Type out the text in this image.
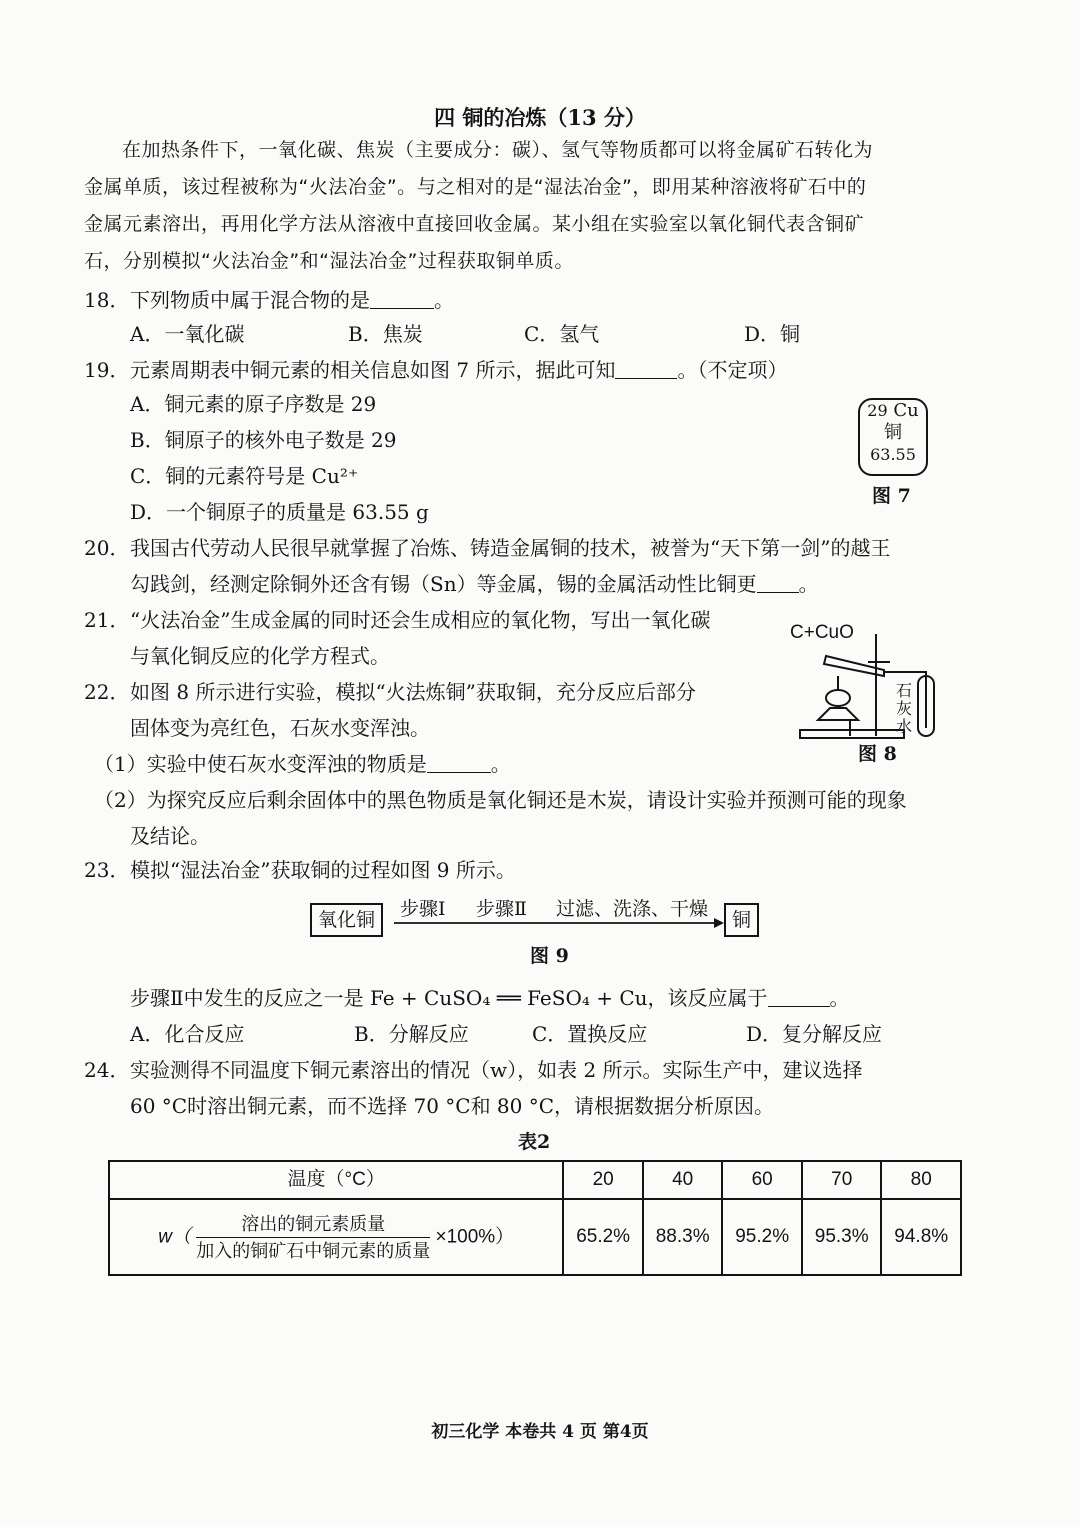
四 铜的冶炼（13 分）

在加热条件下，一氧化碳、焦炭（主要成分：碳）、氢气等物质都可以将金属矿石转化为

金属单质，该过程被称为“火法冶金”。与之相对的是“湿法冶金”，即用某种溶液将矿石中的

金属元素溶出，再用化学方法从溶液中直接回收金属。某小组在实验室以氧化铜代表含铜矿

石，分别模拟“火法冶金”和“湿法冶金”过程获取铜单质。

18．下列物质中属于混合物的是	。
A．一氧化碳	B．焦炭	C．氢气	D．铜
19．元素周期表中铜元素的相关信息如图 7 所示，据此可知	。（不定项）
A．铜元素的原子序数是 29
B．铜原子的核外电子数是 29
C．铜的元素符号是 Cu²⁺
D．一个铜原子的质量是 63.55 g
29 Cu
铜
63.55
图 7
20．我国古代劳动人民很早就掌握了冶炼、铸造金属铜的技术，被誉为“天下第一剑”的越王
勾践剑，经测定除铜外还含有锡（Sn）等金属，锡的金属活动性比铜更 。
21．“火法冶金”生成金属的同时还会生成相应的氧化物，写出一氧化碳
与氧化铜反应的化学方程式。
22．如图 8 所示进行实验，模拟“火法炼铜”获取铜，充分反应后部分
固体变为亮红色，石灰水变浑浊。
（1）实验中使石灰水变浑浊的物质是	。
（2）为探究反应后剩余固体中的黑色物质是氧化铜还是木炭，请设计实验并预测可能的现象
及结论。
C+CuO
石
灰
水
图 8
23．模拟“湿法冶金”获取铜的过程如图 9 所示。
氧化铜	步骤Ⅰ 步骤Ⅱ 过滤、洗涤、干燥	铜
图 9
步骤Ⅱ中发生的反应之一是 Fe + CuSO₄ ══ FeSO₄ + Cu，该反应属于	。
A．化合反应	B．分解反应	C．置换反应	D．复分解反应
24．实验测得不同温度下铜元素溶出的情况（w），如表 2 所示。实际生产中，建议选择
60 °C时溶出铜元素，而不选择 70 °C和 80 °C，请根据数据分析原因。
表2
温度（°C）	20	40	60	70	80
$w( \frac{\text{溶出的铜元素质量}}{\text{加入的铜矿石中铜元素的质量}} \times 100\%)$	65.2%	88.3%	95.2%	95.3%	94.8%
初三化学 本卷共 4 页 第4页
